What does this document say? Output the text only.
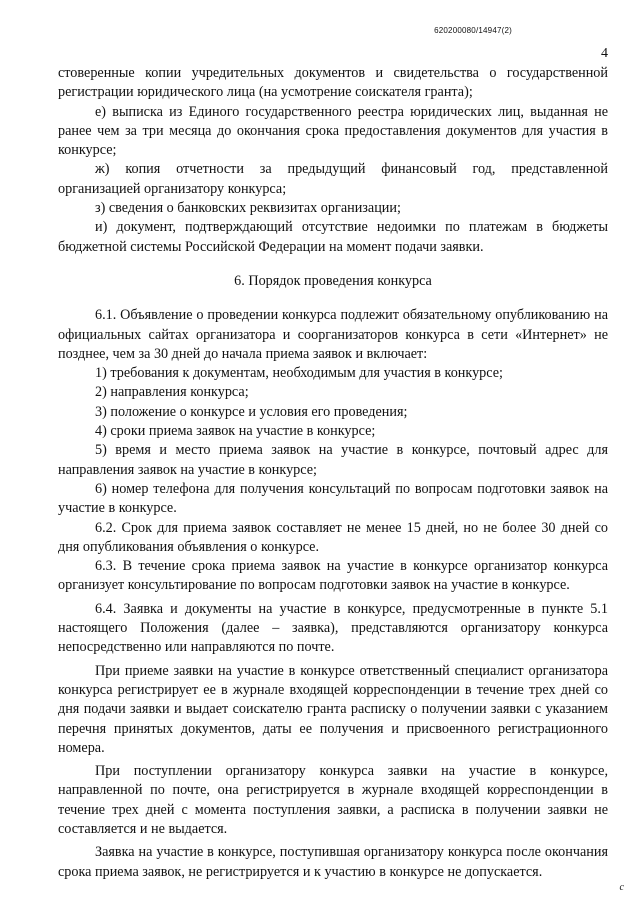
620200080/14947(2)
4

стоверенные копии учредительных документов и свидетельства о государственной регистрации юридического лица (на усмотрение соискателя гранта);

е) выписка из Единого государственного реестра юридических лиц, выданная не ранее чем за три месяца до окончания срока предоставления документов для участия в конкурсе;

ж) копия отчетности за предыдущий финансовый год, представленной организацией организатору конкурса;

з) сведения о банковских реквизитах организации;

и) документ, подтверждающий отсутствие недоимки по платежам в бюджеты бюджетной системы Российской Федерации на момент подачи заявки.

6. Порядок проведения конкурса

6.1. Объявление о проведении конкурса подлежит обязательному опубликованию на официальных сайтах организатора и соорганизаторов конкурса в сети «Интернет» не позднее, чем за 30 дней до начала приема заявок и включает:

1) требования к документам, необходимым для участия в конкурсе;

2) направления конкурса;

3) положение о конкурсе и условия его проведения;

4) сроки приема заявок на участие в конкурсе;

5) время и место приема заявок на участие в конкурсе, почтовый адрес для направления заявок на участие в конкурсе;

6) номер телефона для получения консультаций по вопросам подготовки заявок на участие в конкурсе.

6.2. Срок для приема заявок составляет не менее 15 дней, но не более 30 дней со дня опубликования объявления о конкурсе.

6.3. В течение срока приема заявок на участие в конкурсе организатор конкурса организует консультирование по вопросам подготовки заявок на участие в конкурсе.

6.4. Заявка и документы на участие в конкурсе, предусмотренные в пункте 5.1 настоящего Положения (далее – заявка), представляются организатору конкурса непосредственно или направляются по почте.

При приеме заявки на участие в конкурсе ответственный специалист организатора конкурса регистрирует ее в журнале входящей корреспонденции в течение трех дней со дня подачи заявки и выдает соискателю гранта расписку о получении заявки с указанием перечня принятых документов, даты ее получения и присвоенного регистрационного номера.

При поступлении организатору конкурса заявки на участие в конкурсе, направленной по почте, она регистрируется в журнале входящей корреспонденции в течение трех дней с момента поступления заявки, а расписка в получении заявки не составляется и не выдается.

Заявка на участие в конкурсе, поступившая организатору конкурса после окончания срока приема заявок, не регистрируется и к участию в конкурсе не допускается.

c
